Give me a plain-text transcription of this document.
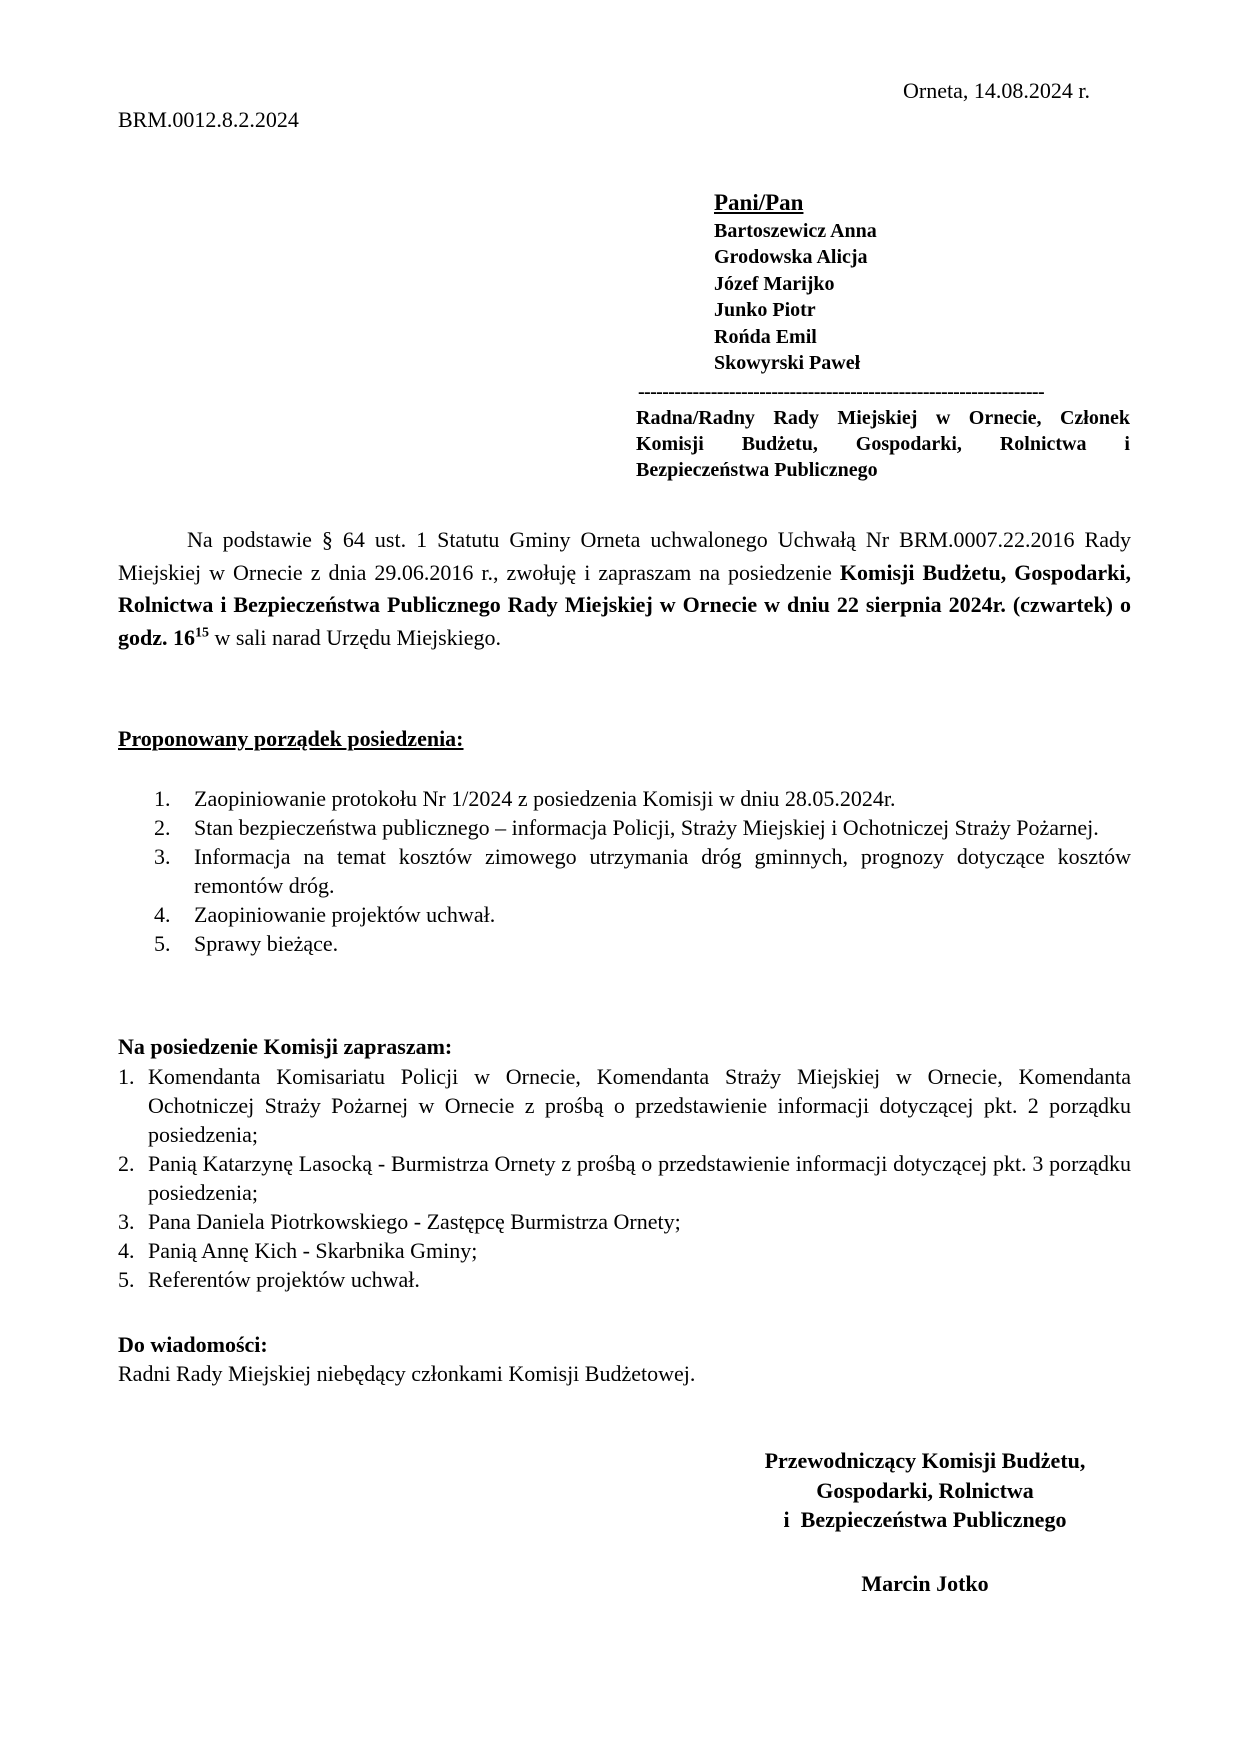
Orneta, 14.08.2024 r.
BRM.0012.8.2.2024
Pani/Pan
Bartoszewicz Anna
Grodowska Alicja
Józef Marijko
Junko Piotr
Rońda Emil
Skowyrski Paweł
-------------------------------------------------------------------
Radna/Radny Rady Miejskiej w Ornecie, Członek Komisji Budżetu, Gospodarki, Rolnictwa i Bezpieczeństwa Publicznego

Na podstawie § 64 ust. 1 Statutu Gminy Orneta uchwalonego Uchwałą Nr BRM.0007.22.2016 Rady Miejskiej w Ornecie z dnia 29.06.2016 r., zwołuję i zapraszam na posiedzenie Komisji Budżetu, Gospodarki, Rolnictwa i Bezpieczeństwa Publicznego Rady Miejskiej w Ornecie w dniu 22 sierpnia 2024r. (czwartek) o godz. $16^{15}$ w sali narad Urzędu Miejskiego.

Proponowany porządek posiedzenia:
1. Zaopiniowanie protokołu Nr 1/2024 z posiedzenia Komisji w dniu 28.05.2024r.
2. Stan bezpieczeństwa publicznego – informacja Policji, Straży Miejskiej i Ochotniczej Straży Pożarnej.
3. Informacja na temat kosztów zimowego utrzymania dróg gminnych, prognozy dotyczące kosztów remontów dróg.
4. Zaopiniowanie projektów uchwał.
5. Sprawy bieżące.
Na posiedzenie Komisji zapraszam:
1. Komendanta Komisariatu Policji w Ornecie, Komendanta Straży Miejskiej w Ornecie, Komendanta Ochotniczej Straży Pożarnej w Ornecie z prośbą o przedstawienie informacji dotyczącej pkt. 2 porządku posiedzenia;
2. Panią Katarzynę Lasocką - Burmistrza Ornety z prośbą o przedstawienie informacji dotyczącej pkt. 3 porządku posiedzenia;
3. Pana Daniela Piotrkowskiego - Zastępcę Burmistrza Ornety;
4. Panią Annę Kich - Skarbnika Gminy;
5. Referentów projektów uchwał.
Do wiadomości:
Radni Rady Miejskiej niebędący członkami Komisji Budżetowej.
Przewodniczący Komisji Budżetu,
Gospodarki, Rolnictwa
i  Bezpieczeństwa Publicznego
Marcin Jotko
